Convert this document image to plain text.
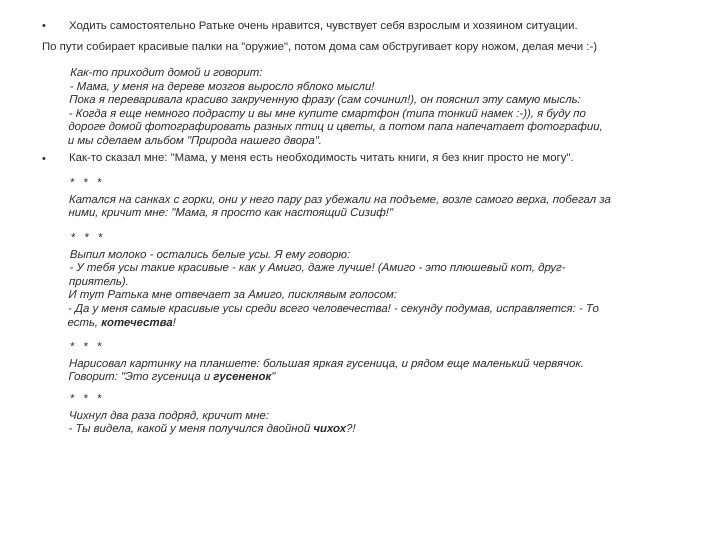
• Ходить самостоятельно Ратьке очень нравится, чувствует себя взрослым и хозяином ситуации.
По пути собирает красивые палки на "оружие", потом дома сам обстругивает кору ножом, делая мечи :-)
Как-то приходит домой и говорит:
- Мама, у меня на дереве мозгов выросло яблоко мысли!
Пока я переваривала красиво закрученную фразу (сам сочинил!), он пояснил эту самую мысль:
- Когда я еще немного подрасту и вы мне купите смартфон (типа тонкий намек :-)), я буду по
дороге домой фотографировать разных птиц и цветы, а потом папа напечатает фотографии,
и мы сделаем альбом "Природа нашего двора".
• Как-то сказал мне: "Мама, у меня есть необходимость читать книги, я без книг просто не могу".
* * *
Катался на санках с горки, они у него пару раз убежали на подъеме, возле самого верха, побегал за
ними, кричит мне: "Мама, я просто как настоящий Сизиф!"
* * *
Выпил молоко - остались белые усы. Я ему говорю:
- У тебя усы такие красивые - как у Амиго, даже лучше! (Амиго - это плюшевый кот, друг-
приятель).
И тут Ратька мне отвечает за Амиго, писклявым голосом:
- Да у меня самые красивые усы среди всего человечества! - секунду подумав, исправляется: - То
есть, котечества!
* * *
Нарисовал картинку на планшете: большая яркая гусеница, и рядом еще маленький червячок.
Говорит: "Это гусеница и гусененок"
* * *
Чихнул два раза подряд, кричит мне:
- Ты видела, какой у меня получился двойной чихох?!
